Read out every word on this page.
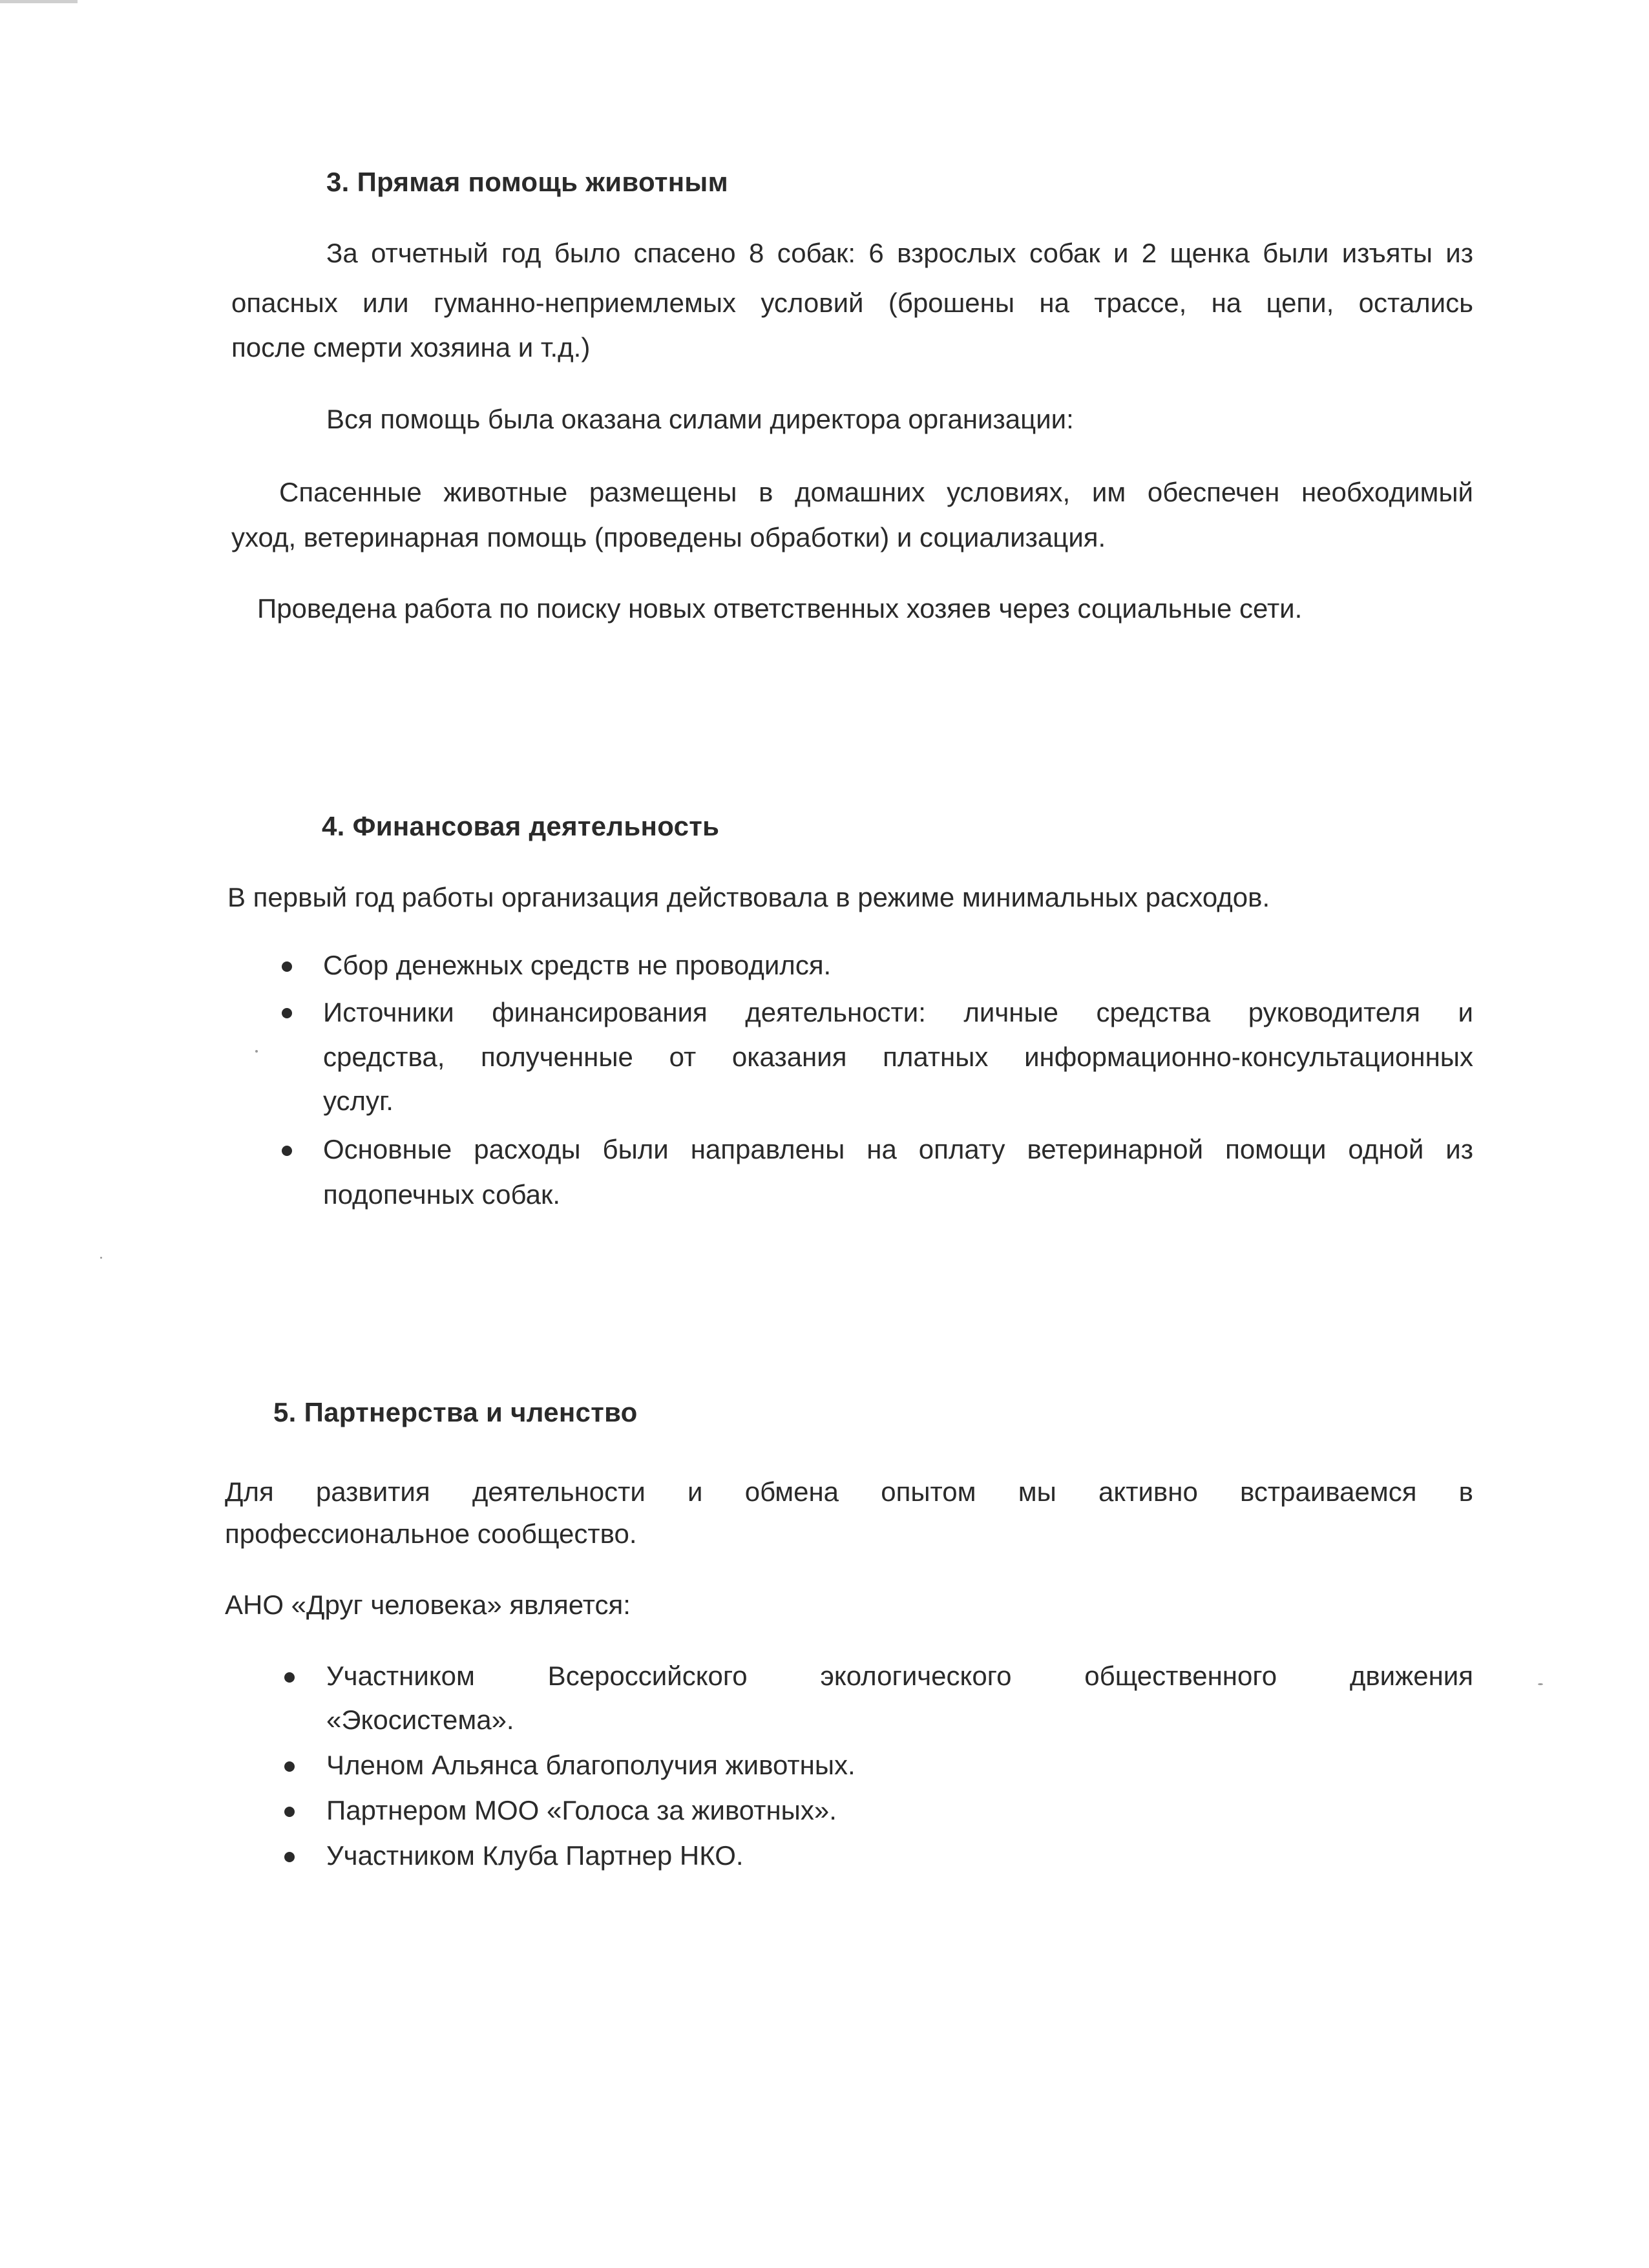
3. Прямая помощь животным
За отчетный год было спасено 8 собак: 6 взрослых собак и 2 щенка были изъяты из
опасных или гуманно-неприемлемых условий (брошены на трассе, на цепи, остались
после смерти хозяина и т.д.)
Вся помощь была оказана силами директора организации:
Спасенные животные размещены в домашних условиях, им обеспечен необходимый
уход, ветеринарная помощь (проведены обработки) и социализация.
Проведена работа по поиску новых ответственных хозяев через социальные сети.
4. Финансовая деятельность
В первый год работы организация действовала в режиме минимальных расходов.
Сбор денежных средств не проводился.
Источники финансирования деятельности: личные средства руководителя и
средства, полученные от оказания платных информационно-консультационных
услуг.
Основные расходы были направлены на оплату ветеринарной помощи одной из
подопечных собак.
5. Партнерства и членство
Для развития деятельности и обмена опытом мы активно встраиваемся в
профессиональное сообщество.
АНО «Друг человека» является:
Участником Всероссийского экологического общественного движения
«Экосистема».
Членом Альянса благополучия животных.
Партнером МОО «Голоса за животных».
Участником Клуба Партнер НКО.
